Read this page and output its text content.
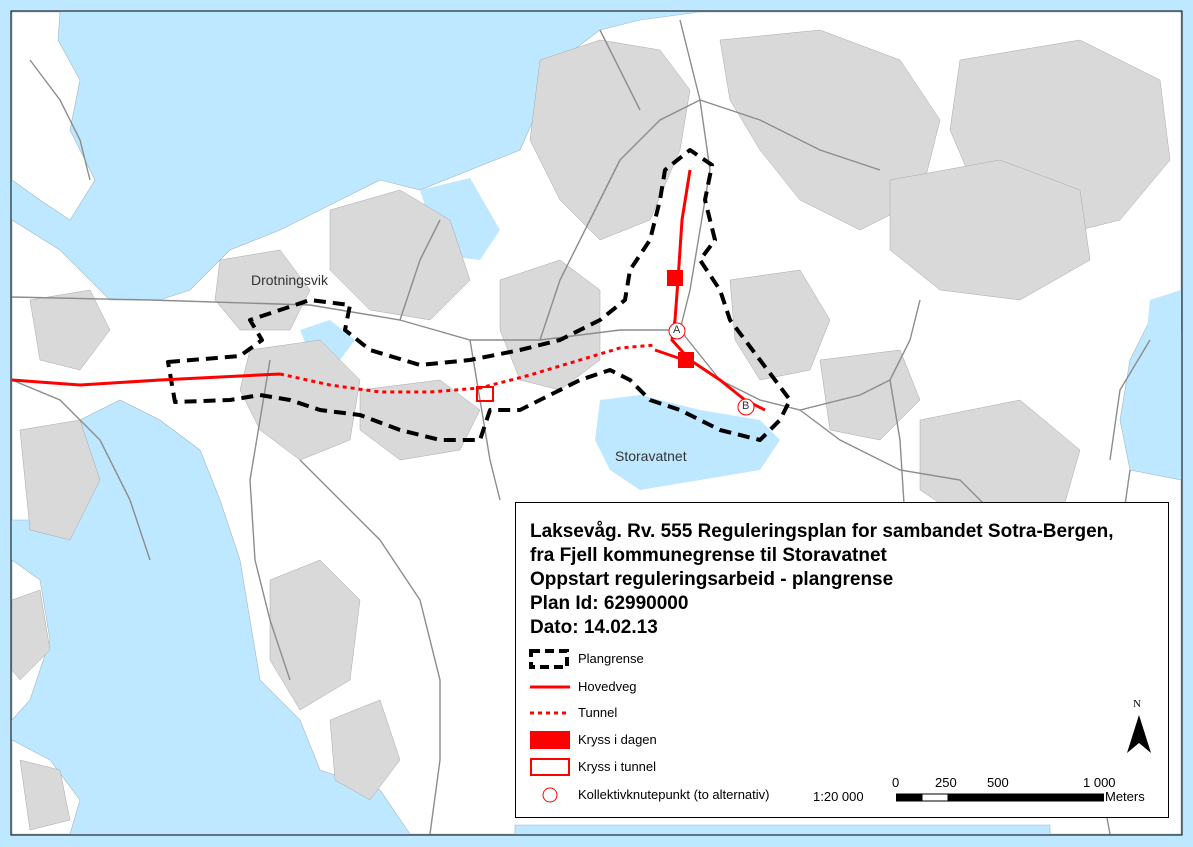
Drotningsvik
Storavatnet
A
B
Laksevåg. Rv. 555 Reguleringsplan for sambandet Sotra-Bergen,
fra Fjell kommunegrense til Storavatnet
Oppstart reguleringsarbeid - plangrense
Plan Id: 62990000
Dato: 14.02.13
Plangrense
Hovedveg
Tunnel
Kryss i dagen
Kryss i tunnel
Kollektivknutepunkt (to alternativ)	1:20 000
0	250 500	1 000
Meters
N
